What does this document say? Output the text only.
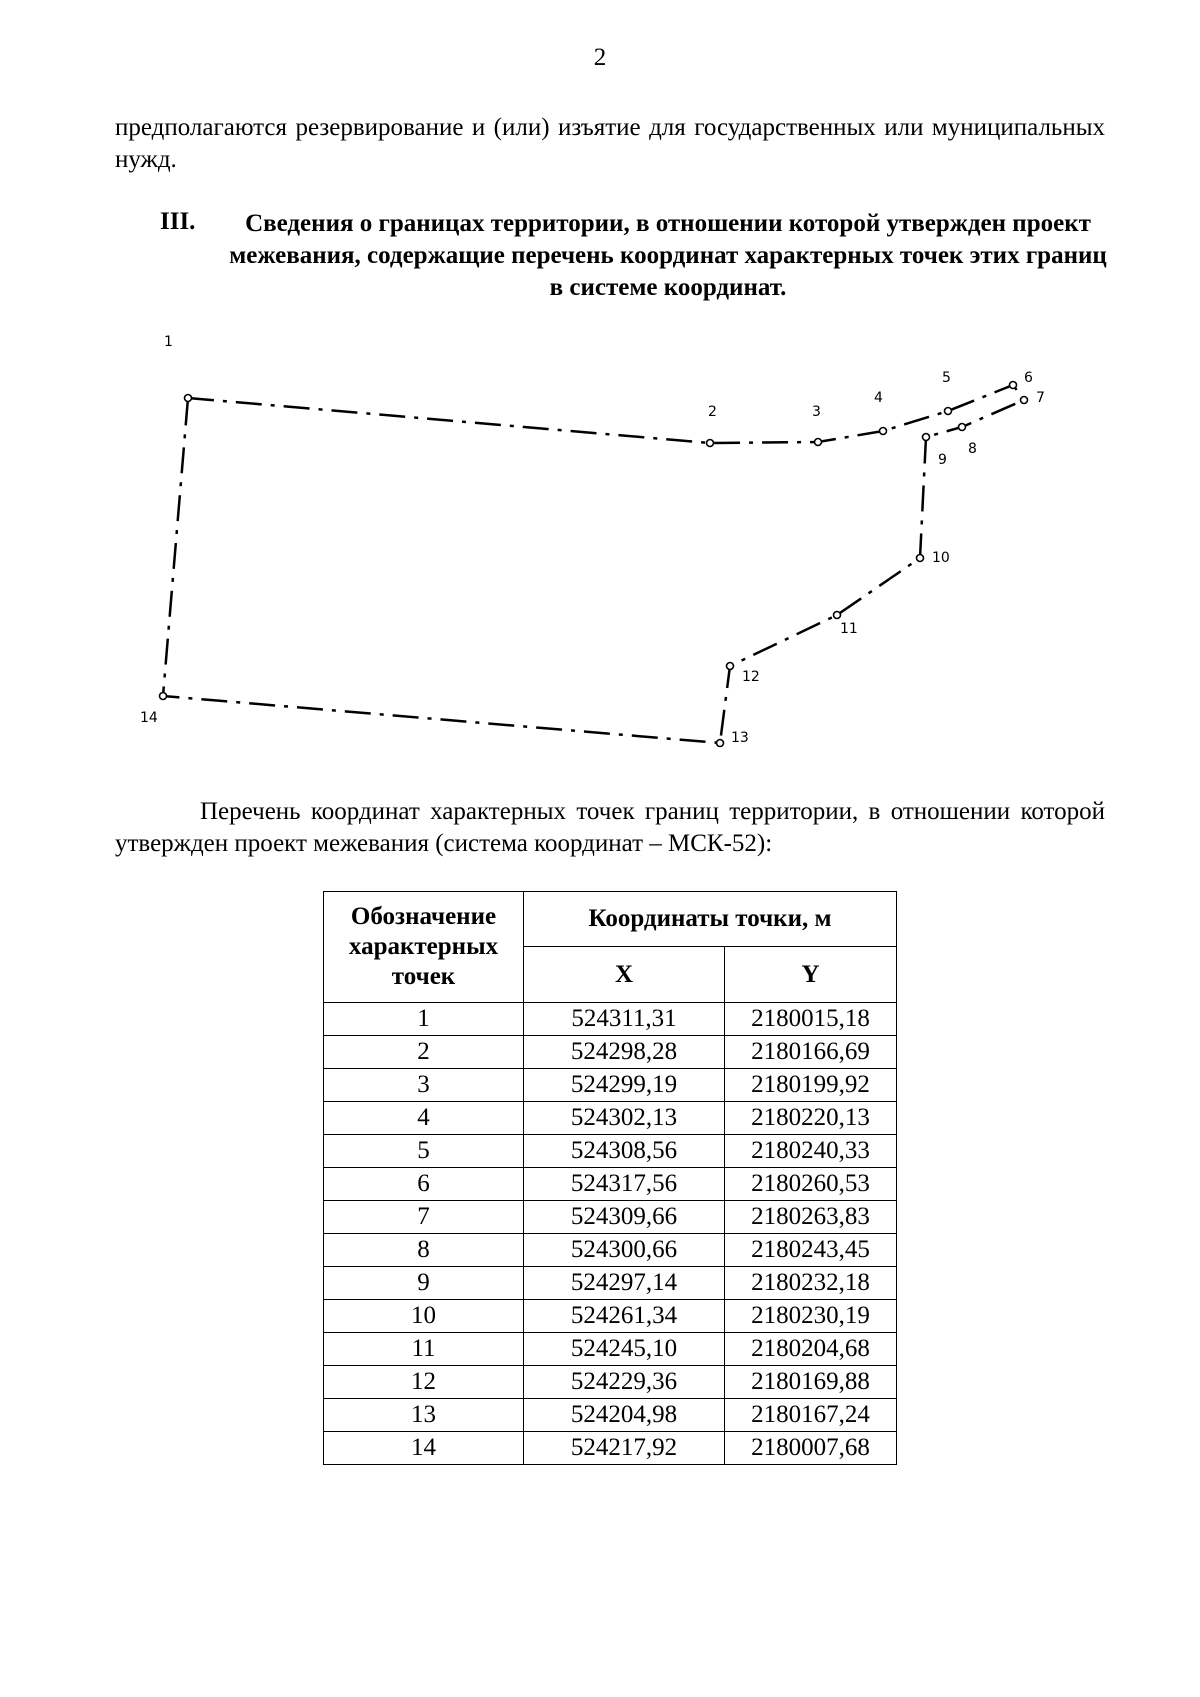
2

предполагаются резервирование и (или) изъятие для государственных или муниципальных нужд.

III.	Сведения о границах территории, в отношении которой утвержден проект межевания, содержащие перечень координат характерных точек этих границ в системе координат.

1
2	3
4
5	6
7
8
9
10
11
12
13
14

Перечень координат характерных точек границ территории, в отношении которой утвержден проект межевания (система координат – МСК-52):

Обозначение характерных точек	Координаты точки, м	
	X	Y
1	524311,31	2180015,18
2	524298,28	2180166,69
3	524299,19	2180199,92
4	524302,13	2180220,13
5	524308,56	2180240,33
6	524317,56	2180260,53
7	524309,66	2180263,83
8	524300,66	2180243,45
9	524297,14	2180232,18
10	524261,34	2180230,19
11	524245,10	2180204,68
12	524229,36	2180169,88
13	524204,98	2180167,24
14	524217,92	2180007,68
